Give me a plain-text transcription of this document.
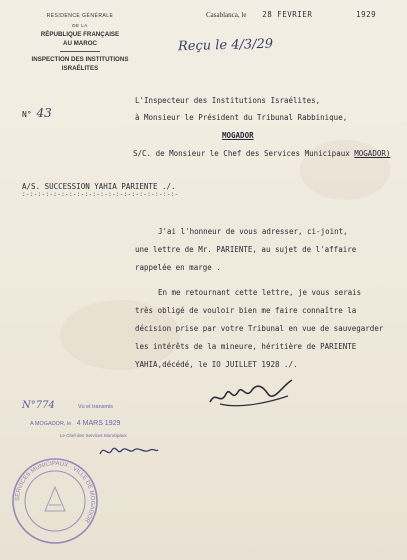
RÉSIDENCE GÉNÉRALE
DE LA
RÉPUBLIQUE FRANÇAISE
AU MAROC
INSPECTION DES INSTITUTIONS
ISRAÉLITES
Casablanca, le 28 FEVRIER	1929
Reçu le 4/3/29
N° 43
L'Inspecteur des Institutions Israélites,
à Monsieur le Président du Tribunal Rabbinique,
MOGADOR
S/C. de Monsieur le Chef des Services Municipaux MOGADOR)
A/S. SUCCESSION YAHIA PARIENTE ./.
:-:-:-:-:-:-:-:-:-:-:-:-:-:-:-:-:-:-:-:-
J'ai l'honneur de vous adresser, ci-joint,
une lettre de Mr. PARIENTE, au sujet de l'affaire
rappelée en marge .
En me retournant cette lettre, je vous serais
très obligé de vouloir bien me faire connaître la
décision prise par votre Tribunal en vue de sauvegarder
les intérêts de la mineure, héritière de PARIENTE
YAHIA,décédé, le IO JUILLET 1928 ./.
N°774	Vu et transmis
A MOGADOR, le 4 MARS 1929
Le Chef des Services Municipaux
SERVICES MUNICIPAUX · VILLE DE MOGADOR
